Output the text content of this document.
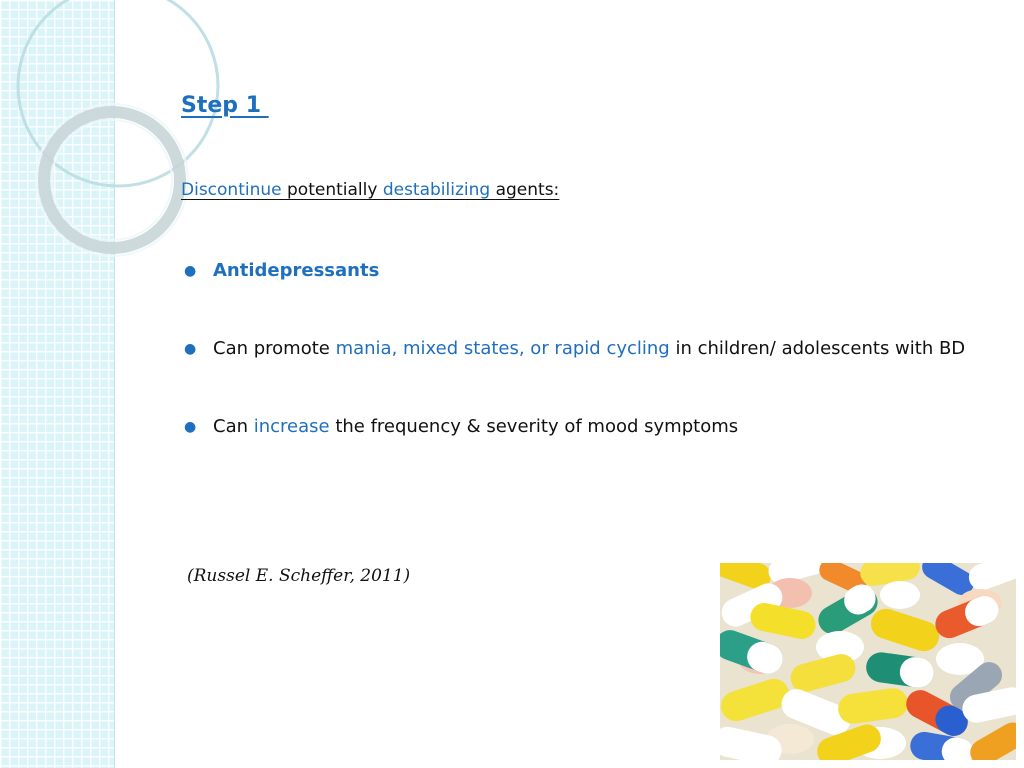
Step 1

Discontinue potentially destabilizing agents:

● Antidepressants
● Can promote mania, mixed states, or rapid cycling in children/ adolescents with BD
● Can increase the frequency & severity of mood symptoms

(Russel E. Scheffer, 2011)
